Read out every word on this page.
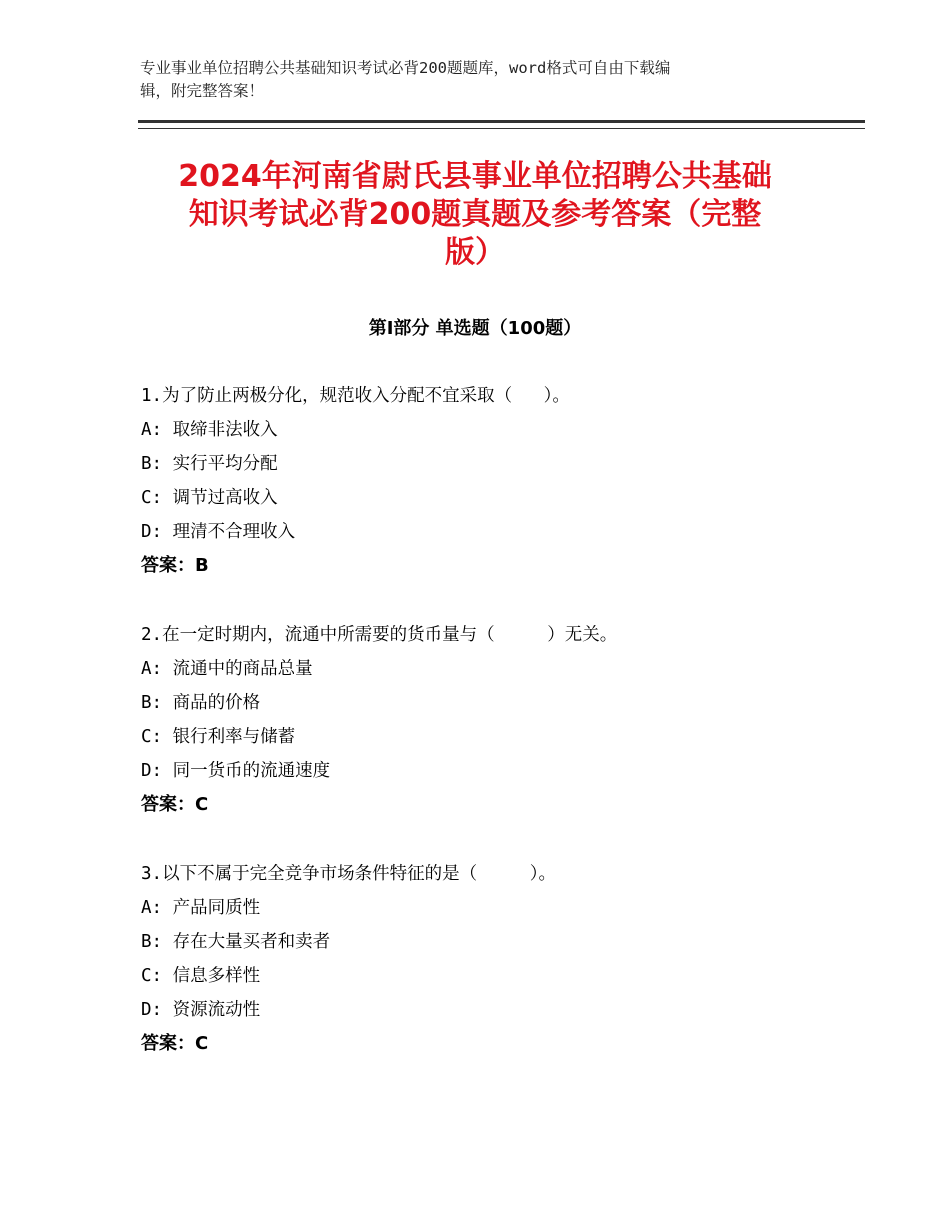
专业事业单位招聘公共基础知识考试必背200题题库，word格式可自由下载编
辑，附完整答案！
2024年河南省尉氏县事业单位招聘公共基础
知识考试必背200题真题及参考答案（完整
版）
第Ⅰ部分 单选题（100题）
1.为了防止两极分化，规范收入分配不宜采取（   ）。
A: 取缔非法收入
B: 实行平均分配
C: 调节过高收入
D: 理清不合理收入
答案：B
2.在一定时期内，流通中所需要的货币量与（     ）无关。
A: 流通中的商品总量
B: 商品的价格
C: 银行利率与储蓄
D: 同一货币的流通速度
答案：C
3.以下不属于完全竞争市场条件特征的是（     ）。
A: 产品同质性
B: 存在大量买者和卖者
C: 信息多样性
D: 资源流动性
答案：C
